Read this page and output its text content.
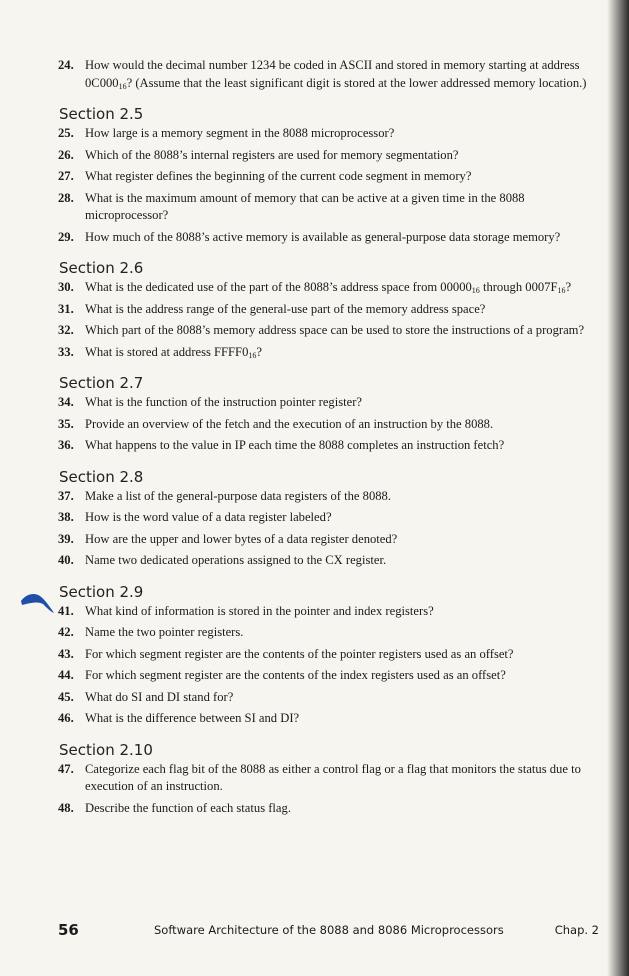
24. How would the decimal number 1234 be coded in ASCII and stored in memory starting at address $0C000_{16}$? (Assume that the least significant digit is stored at the lower addressed memory location.)
Section 2.5
25. How large is a memory segment in the 8088 microprocessor?
26. Which of the 8088’s internal registers are used for memory segmentation?
27. What register defines the beginning of the current code segment in memory?
28. What is the maximum amount of memory that can be active at a given time in the 8088 microprocessor?
29. How much of the 8088’s active memory is available as general-purpose data storage memory?
Section 2.6
30. What is the dedicated use of the part of the 8088’s address space from $00000_{16}$ through $0007F_{16}$?
31. What is the address range of the general-use part of the memory address space?
32. Which part of the 8088’s memory address space can be used to store the instructions of a program?
33. What is stored at address $FFFF0_{16}$?
Section 2.7
34. What is the function of the instruction pointer register?
35. Provide an overview of the fetch and the execution of an instruction by the 8088.
36. What happens to the value in IP each time the 8088 completes an instruction fetch?
Section 2.8
37. Make a list of the general-purpose data registers of the 8088.
38. How is the word value of a data register labeled?
39. How are the upper and lower bytes of a data register denoted?
40. Name two dedicated operations assigned to the CX register.
Section 2.9
41. What kind of information is stored in the pointer and index registers?
42. Name the two pointer registers.
43. For which segment register are the contents of the pointer registers used as an offset?
44. For which segment register are the contents of the index registers used as an offset?
45. What do SI and DI stand for?
46. What is the difference between SI and DI?
Section 2.10
47. Categorize each flag bit of the 8088 as either a control flag or a flag that monitors the status due to execution of an instruction.
48. Describe the function of each status flag.
56	Software Architecture of the 8088 and 8086 Microprocessors	Chap. 2
